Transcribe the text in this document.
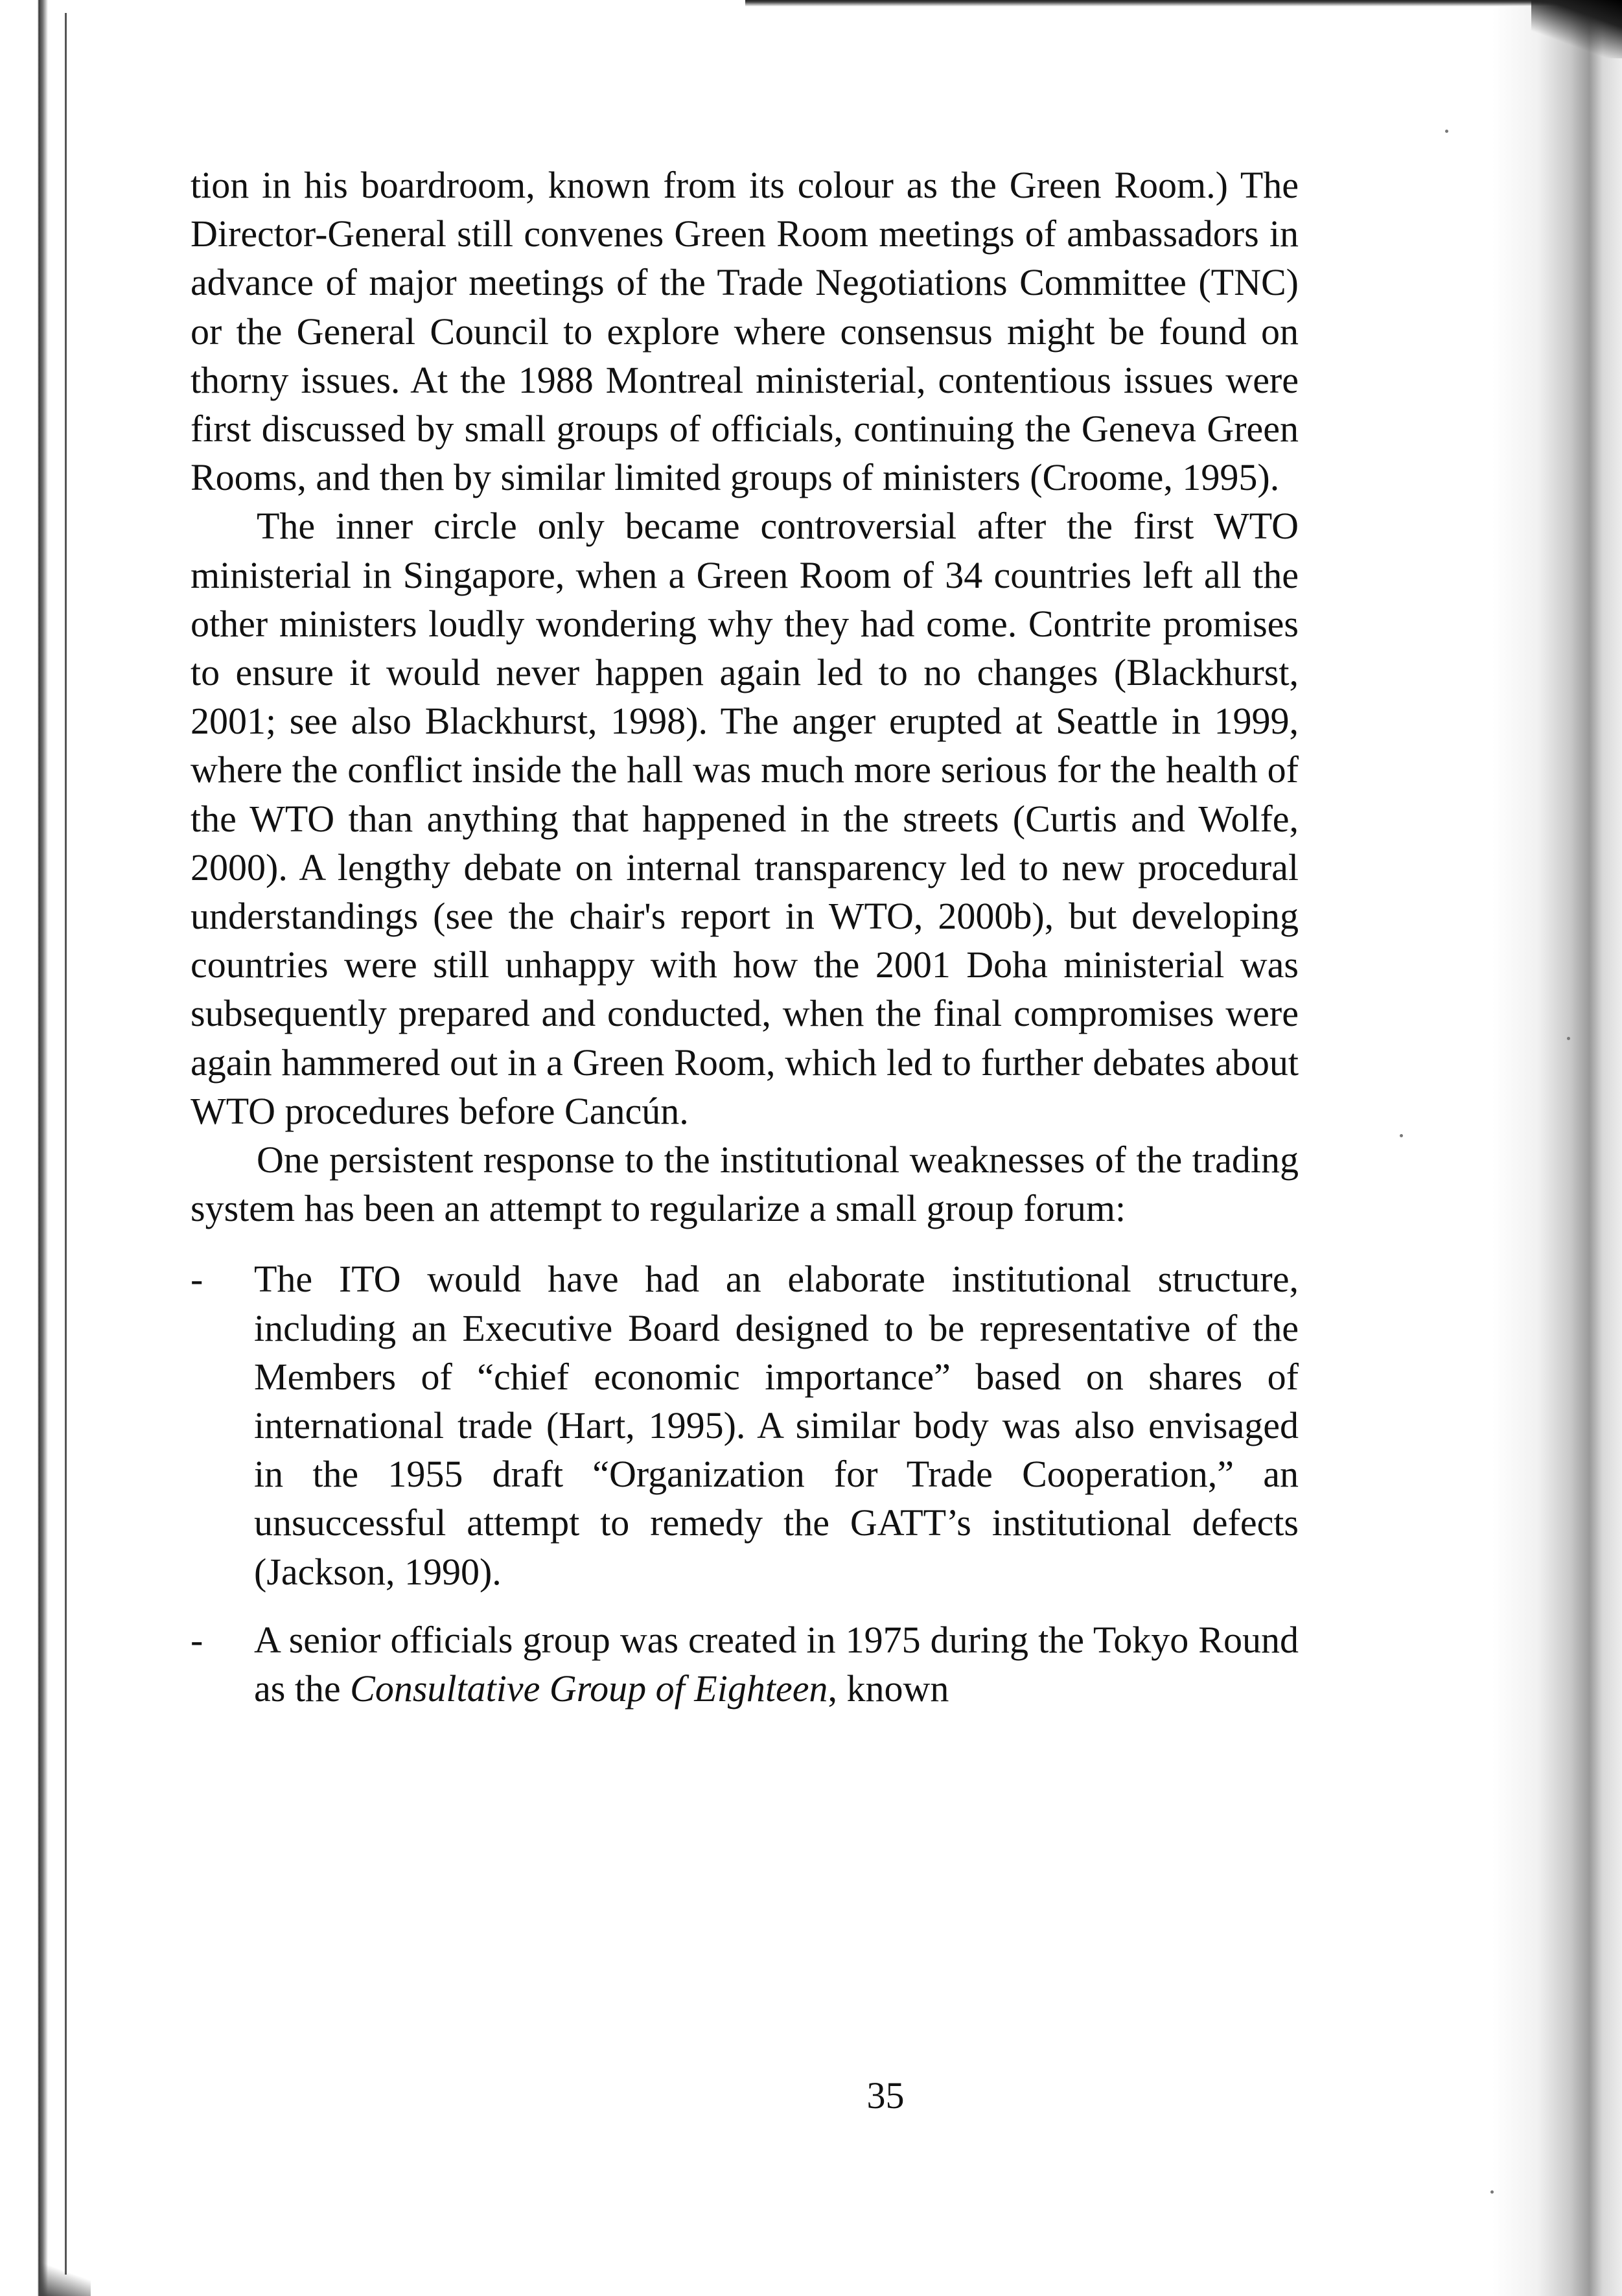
tion in his boardroom, known from its colour as the Green Room.) The Director-General still convenes Green Room meetings of ambassadors in advance of major meetings of the Trade Negotiations Committee (TNC) or the General Council to explore where consensus might be found on thorny issues. At the 1988 Montreal ministerial, contentious issues were first discussed by small groups of officials, continuing the Geneva Green Rooms, and then by similar limited groups of ministers (Croome, 1995).

The inner circle only became controversial after the first WTO ministerial in Singapore, when a Green Room of 34 countries left all the other ministers loudly wondering why they had come. Contrite promises to ensure it would never happen again led to no changes (Blackhurst, 2001; see also Blackhurst, 1998). The anger erupted at Seattle in 1999, where the conflict inside the hall was much more serious for the health of the WTO than anything that happened in the streets (Curtis and Wolfe, 2000). A lengthy debate on internal transparency led to new procedural understandings (see the chair's report in WTO, 2000b), but developing countries were still unhappy with how the 2001 Doha ministerial was subsequently prepared and conducted, when the final compromises were again hammered out in a Green Room, which led to further debates about WTO procedures before Cancún.

One persistent response to the institutional weaknesses of the trading system has been an attempt to regularize a small group forum:

- The ITO would have had an elaborate institutional structure, including an Executive Board designed to be representative of the Members of “chief economic importance” based on shares of international trade (Hart, 1995). A similar body was also envisaged in the 1955 draft “Organization for Trade Cooperation,” an unsuccessful attempt to remedy the GATT’s institutional defects (Jackson, 1990).
- A senior officials group was created in 1975 during the Tokyo Round as the Consultative Group of Eighteen, known
35
